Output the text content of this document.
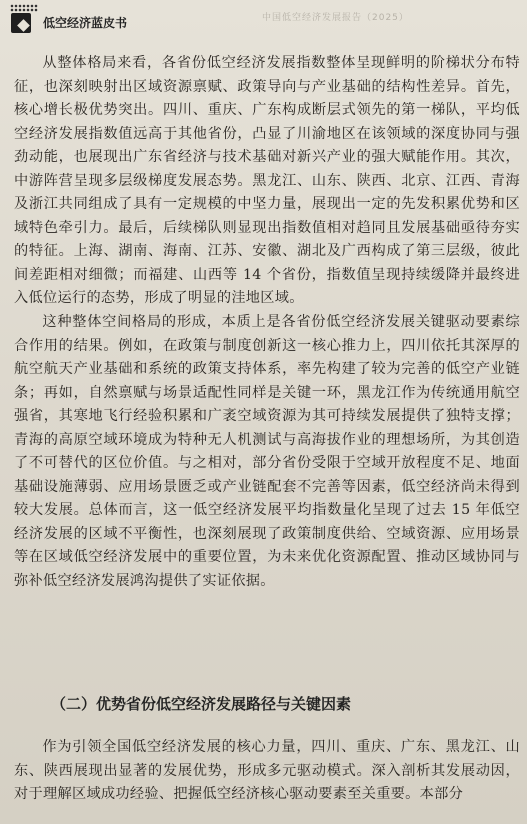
低空经济蓝皮书	中国低空经济发展报告（2025）

从整体格局来看，各省份低空经济发展指数整体呈现鲜明的阶梯状分布特征，也深刻映射出区域资源禀赋、政策导向与产业基础的结构性差异。首先，核心增长极优势突出。四川、重庆、广东构成断层式领先的第一梯队，平均低空经济发展指数值远高于其他省份，凸显了川渝地区在该领域的深度协同与强劲动能，也展现出广东省经济与技术基础对新兴产业的强大赋能作用。其次，中游阵营呈现多层级梯度发展态势。黑龙江、山东、陕西、北京、江西、青海及浙江共同组成了具有一定规模的中坚力量，展现出一定的先发积累优势和区域特色牵引力。最后，后续梯队则显现出指数值相对趋同且发展基础亟待夯实的特征。上海、湖南、海南、江苏、安徽、湖北及广西构成了第三层级，彼此间差距相对细微；而福建、山西等 14 个省份，指数值呈现持续缓降并最终进入低位运行的态势，形成了明显的洼地区域。

这种整体空间格局的形成，本质上是各省份低空经济发展关键驱动要素综合作用的结果。例如，在政策与制度创新这一核心推力上，四川依托其深厚的航空航天产业基础和系统的政策支持体系，率先构建了较为完善的低空产业链条；再如，自然禀赋与场景适配性同样是关键一环，黑龙江作为传统通用航空强省，其寒地飞行经验积累和广袤空域资源为其可持续发展提供了独特支撑；青海的高原空域环境成为特种无人机测试与高海拔作业的理想场所，为其创造了不可替代的区位价值。与之相对，部分省份受限于空域开放程度不足、地面基础设施薄弱、应用场景匮乏或产业链配套不完善等因素，低空经济尚未得到较大发展。总体而言，这一低空经济发展平均指数量化呈现了过去 15 年低空经济发展的区域不平衡性，也深刻展现了政策制度供给、空域资源、应用场景等在区域低空经济发展中的重要位置，为未来优化资源配置、推动区域协同与弥补低空经济发展鸿沟提供了实证依据。

（二）优势省份低空经济发展路径与关键因素

作为引领全国低空经济发展的核心力量，四川、重庆、广东、黑龙江、山东、陕西展现出显著的发展优势，形成多元驱动模式。深入剖析其发展动因，对于理解区域成功经验、把握低空经济核心驱动要素至关重要。本部分
